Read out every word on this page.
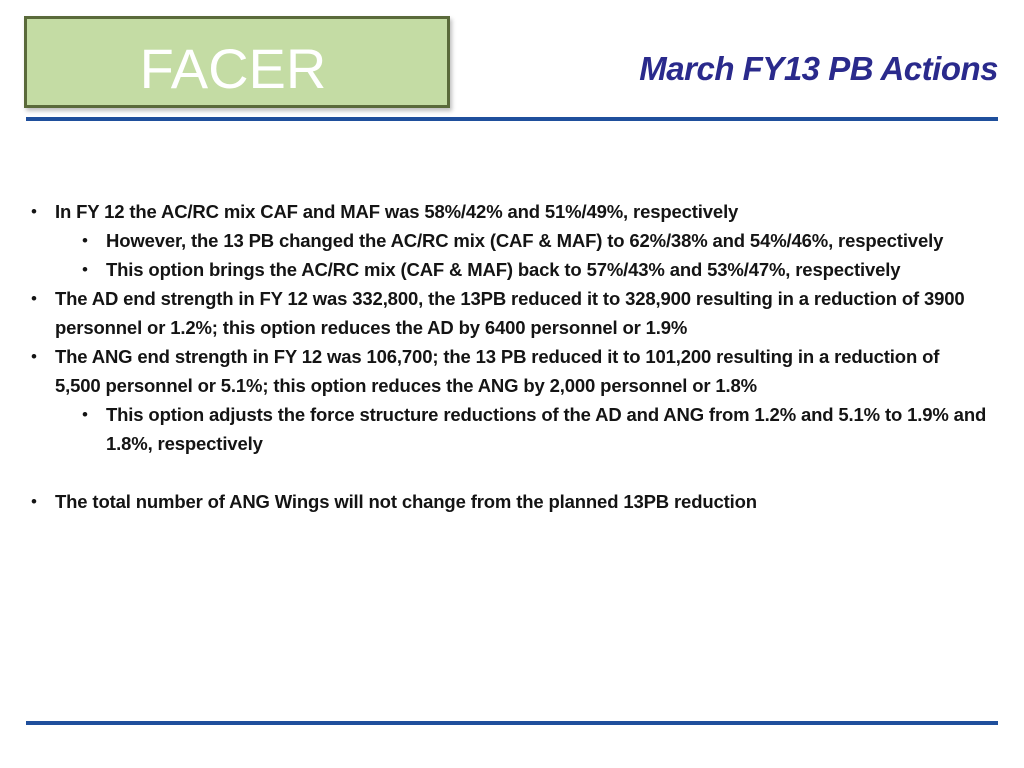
FACER	March FY13 PB Actions
• In FY 12 the AC/RC mix CAF and MAF was 58%/42% and 51%/49%, respectively
• However, the 13 PB changed the AC/RC mix (CAF & MAF) to 62%/38% and 54%/46%, respectively
• This option brings the AC/RC mix (CAF & MAF) back to 57%/43% and 53%/47%, respectively
• The AD end strength in FY 12 was 332,800, the 13PB reduced it to 328,900 resulting in a reduction of 3900 personnel or 1.2%; this option reduces the AD by 6400 personnel or 1.9%
• The ANG end strength in FY 12 was 106,700; the 13 PB reduced it to 101,200 resulting in a reduction of 5,500 personnel or 5.1%; this option reduces the ANG by 2,000 personnel or 1.8%
• This option adjusts the force structure reductions of the AD and ANG from 1.2% and 5.1% to 1.9% and 1.8%, respectively
• The total number of ANG Wings will not change from the planned 13PB reduction
